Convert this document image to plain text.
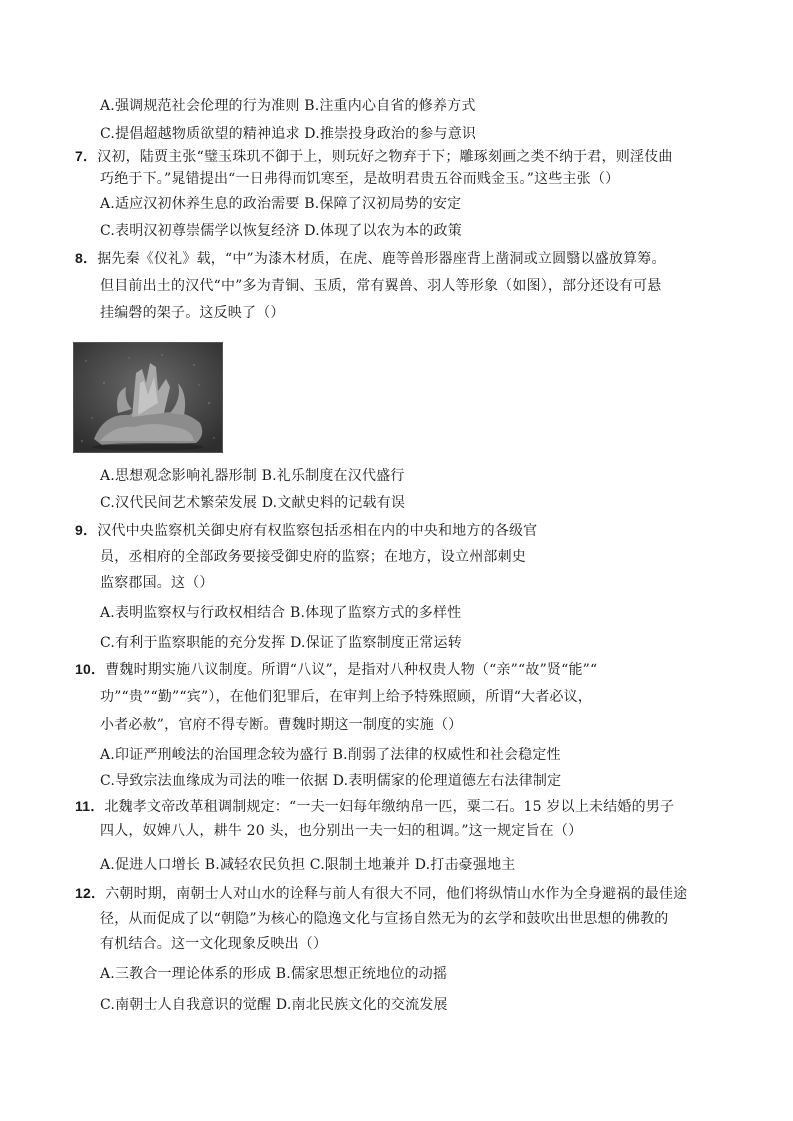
A.强调规范社会伦理的行为准则 B.注重内心自省的修养方式
C.提倡超越物质欲望的精神追求 D.推崇投身政治的参与意识
7．汉初，陆贾主张“璧玉珠玑不御于上，则玩好之物弃于下；雕琢刻画之类不纳于君，则淫伎曲
巧绝于下。”晁错提出“一日弗得而饥寒至，是故明君贵五谷而贱金玉。”这些主张（）
A.适应汉初休养生息的政治需要 B.保障了汉初局势的安定
C.表明汉初尊崇儒学以恢复经济 D.体现了以农为本的政策
8．据先秦《仪礼》载，“中”为漆木材质，在虎、鹿等兽形器座背上凿洞或立圆翳以盛放算筹。
但目前出土的汉代“中”多为青铜、玉质，常有翼兽、羽人等形象（如图），部分还设有可悬
挂编磬的架子。这反映了（）
A.思想观念影响礼器形制 B.礼乐制度在汉代盛行
C.汉代民间艺术繁荣发展 D.文献史料的记载有误
9．汉代中央监察机关御史府有权监察包括丞相在内的中央和地方的各级官
员，丞相府的全部政务要接受御史府的监察；在地方，设立州部刺史
监察郡国。这（）
A.表明监察权与行政权相结合 B.体现了监察方式的多样性
C.有利于监察职能的充分发挥 D.保证了监察制度正常运转
10．曹魏时期实施八议制度。所谓“八议”，是指对八种权贵人物（“亲”“故”贤“能”“
功”“贵”“勤”“宾”），在他们犯罪后，在审判上给予特殊照顾，所谓“大者必议，
小者必赦”，官府不得专断。曹魏时期这一制度的实施（）
A.印证严刑峻法的治国理念较为盛行 B.削弱了法律的权威性和社会稳定性
C.导致宗法血缘成为司法的唯一依据 D.表明儒家的伦理道德左右法律制定
11．北魏孝文帝改革租调制规定：“一夫一妇每年缴纳帛一匹，粟二石。15 岁以上未结婚的男子
四人，奴婢八人，耕牛 20 头，也分别出一夫一妇的租调。”这一规定旨在（）
A.促进人口增长 B.减轻农民负担 C.限制土地兼并 D.打击豪强地主
12．六朝时期，南朝士人对山水的诠释与前人有很大不同，他们将纵情山水作为全身避祸的最佳途
径，从而促成了以“朝隐”为核心的隐逸文化与宣扬自然无为的玄学和鼓吹出世思想的佛教的
有机结合。这一文化现象反映出（）
A.三教合一理论体系的形成 B.儒家思想正统地位的动摇
C.南朝士人自我意识的觉醒 D.南北民族文化的交流发展
